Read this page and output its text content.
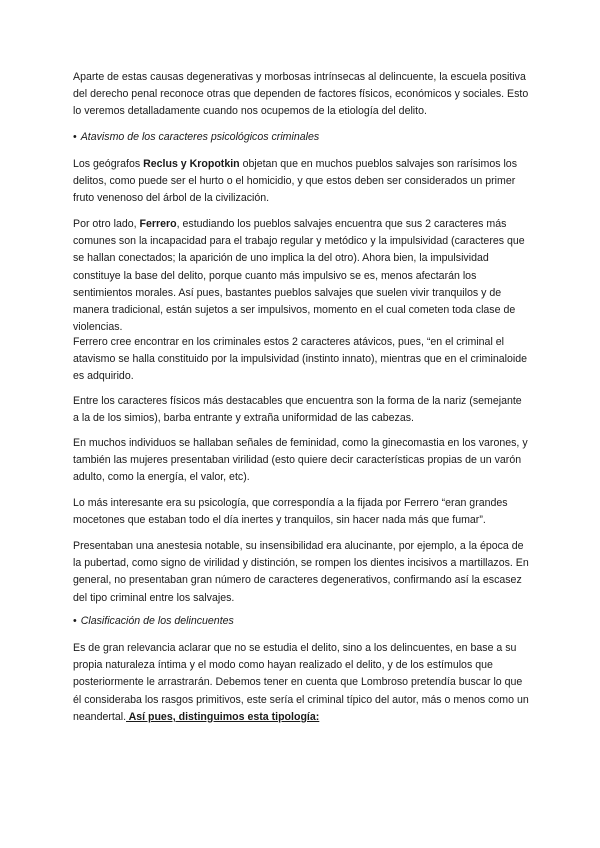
Aparte de estas causas degenerativas y morbosas intrínsecas al delincuente, la escuela positiva del derecho penal reconoce otras que dependen de factores físicos, económicos y sociales. Esto lo veremos detalladamente cuando nos ocupemos de la etiología del delito.

• Atavismo de los caracteres psicológicos criminales

Los geógrafos Reclus y Kropotkin objetan que en muchos pueblos salvajes son rarísimos los delitos, como puede ser el hurto o el homicidio, y que estos deben ser considerados un primer fruto venenoso del árbol de la civilización.

Por otro lado, Ferrero, estudiando los pueblos salvajes encuentra que sus 2 caracteres más comunes son la incapacidad para el trabajo regular y metódico y la impulsividad (caracteres que se hallan conectados; la aparición de uno implica la del otro). Ahora bien, la impulsividad constituye la base del delito, porque cuanto más impulsivo se es, menos afectarán los sentimientos morales. Así pues, bastantes pueblos salvajes que suelen vivir tranquilos y de manera tradicional, están sujetos a ser impulsivos, momento en el cual cometen toda clase de violencias.

Ferrero cree encontrar en los criminales estos 2 caracteres atávicos, pues, “en el criminal el atavismo se halla constituido por la impulsividad (instinto innato), mientras que en el criminaloide es adquirido.

Entre los caracteres físicos más destacables que encuentra son la forma de la nariz (semejante a la de los simios), barba entrante y extraña uniformidad de las cabezas.

En muchos individuos se hallaban señales de feminidad, como la ginecomastia en los varones, y también las mujeres presentaban virilidad (esto quiere decir características propias de un varón adulto, como la energía, el valor, etc).

Lo más interesante era su psicología, que correspondía a la fijada por Ferrero “eran grandes mocetones que estaban todo el día inertes y tranquilos, sin hacer nada más que fumar”.

Presentaban una anestesia notable, su insensibilidad era alucinante, por ejemplo, a la época de la pubertad, como signo de virilidad y distinción, se rompen los dientes incisivos a martillazos. En general, no presentaban gran número de caracteres degenerativos, confirmando así la escasez del tipo criminal entre los salvajes.

• Clasificación de los delincuentes

Es de gran relevancia aclarar que no se estudia el delito, sino a los delincuentes, en base a su propia naturaleza íntima y el modo como hayan realizado el delito, y de los estímulos que posteriormente le arrastrarán. Debemos tener en cuenta que Lombroso pretendía buscar lo que él consideraba los rasgos primitivos, este sería el criminal típico del autor, más o menos como un neandertal. Así pues, distinguimos esta tipología:
